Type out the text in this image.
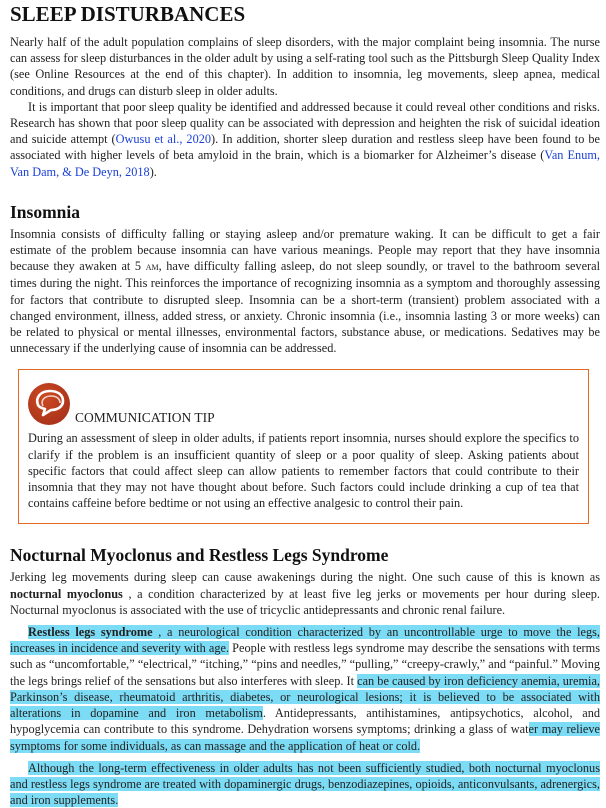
SLEEP DISTURBANCES

Nearly half of the adult population complains of sleep disorders, with the major complaint being insomnia. The nurse can assess for sleep disturbances in the older adult by using a self-rating tool such as the Pittsburgh Sleep Quality Index (see Online Resources at the end of this chapter). In addition to insomnia, leg movements, sleep apnea, medical conditions, and drugs can disturb sleep in older adults.

It is important that poor sleep quality be identified and addressed because it could reveal other conditions and risks. Research has shown that poor sleep quality can be associated with depression and heighten the risk of suicidal ideation and suicide attempt (Owusu et al., 2020). In addition, shorter sleep duration and restless sleep have been found to be associated with higher levels of beta amyloid in the brain, which is a biomarker for Alzheimer’s disease (Van Enum, Van Dam, & De Deyn, 2018).

Insomnia

Insomnia consists of difficulty falling or staying asleep and/or premature waking. It can be difficult to get a fair estimate of the problem because insomnia can have various meanings. People may report that they have insomnia because they awaken at 5 am, have difficulty falling asleep, do not sleep soundly, or travel to the bathroom several times during the night. This reinforces the importance of recognizing insomnia as a symptom and thoroughly assessing for factors that contribute to disrupted sleep. Insomnia can be a short-term (transient) problem associated with a changed environment, illness, added stress, or anxiety. Chronic insomnia (i.e., insomnia lasting 3 or more weeks) can be related to physical or mental illnesses, environmental factors, substance abuse, or medications. Sedatives may be unnecessary if the underlying cause of insomnia can be addressed.

COMMUNICATION TIP

During an assessment of sleep in older adults, if patients report insomnia, nurses should explore the specifics to clarify if the problem is an insufficient quantity of sleep or a poor quality of sleep. Asking patients about specific factors that could affect sleep can allow patients to remember factors that could contribute to their insomnia that they may not have thought about before. Such factors could include drinking a cup of tea that contains caffeine before bedtime or not using an effective analgesic to control their pain.

Nocturnal Myoclonus and Restless Legs Syndrome

Jerking leg movements during sleep can cause awakenings during the night. One such cause of this is known as nocturnal myoclonus , a condition characterized by at least five leg jerks or movements per hour during sleep. Nocturnal myoclonus is associated with the use of tricyclic antidepressants and chronic renal failure.

Restless legs syndrome , a neurological condition characterized by an uncontrollable urge to move the legs, increases in incidence and severity with age. People with restless legs syndrome may describe the sensations with terms such as “uncomfortable,” “electrical,” “itching,” “pins and needles,” “pulling,” “creepy-crawly,” and “painful.” Moving the legs brings relief of the sensations but also interferes with sleep. It can be caused by iron deficiency anemia, uremia, Parkinson’s disease, rheumatoid arthritis, diabetes, or neurological lesions; it is believed to be associated with alterations in dopamine and iron metabolism. Antidepressants, antihistamines, antipsychotics, alcohol, and hypoglycemia can contribute to this syndrome. Dehydration worsens symptoms; drinking a glass of water may relieve symptoms for some individuals, as can massage and the application of heat or cold.

Although the long-term effectiveness in older adults has not been sufficiently studied, both nocturnal myoclonus and restless legs syndrome are treated with dopaminergic drugs, benzodiazepines, opioids, anticonvulsants, adrenergics, and iron supplements.
